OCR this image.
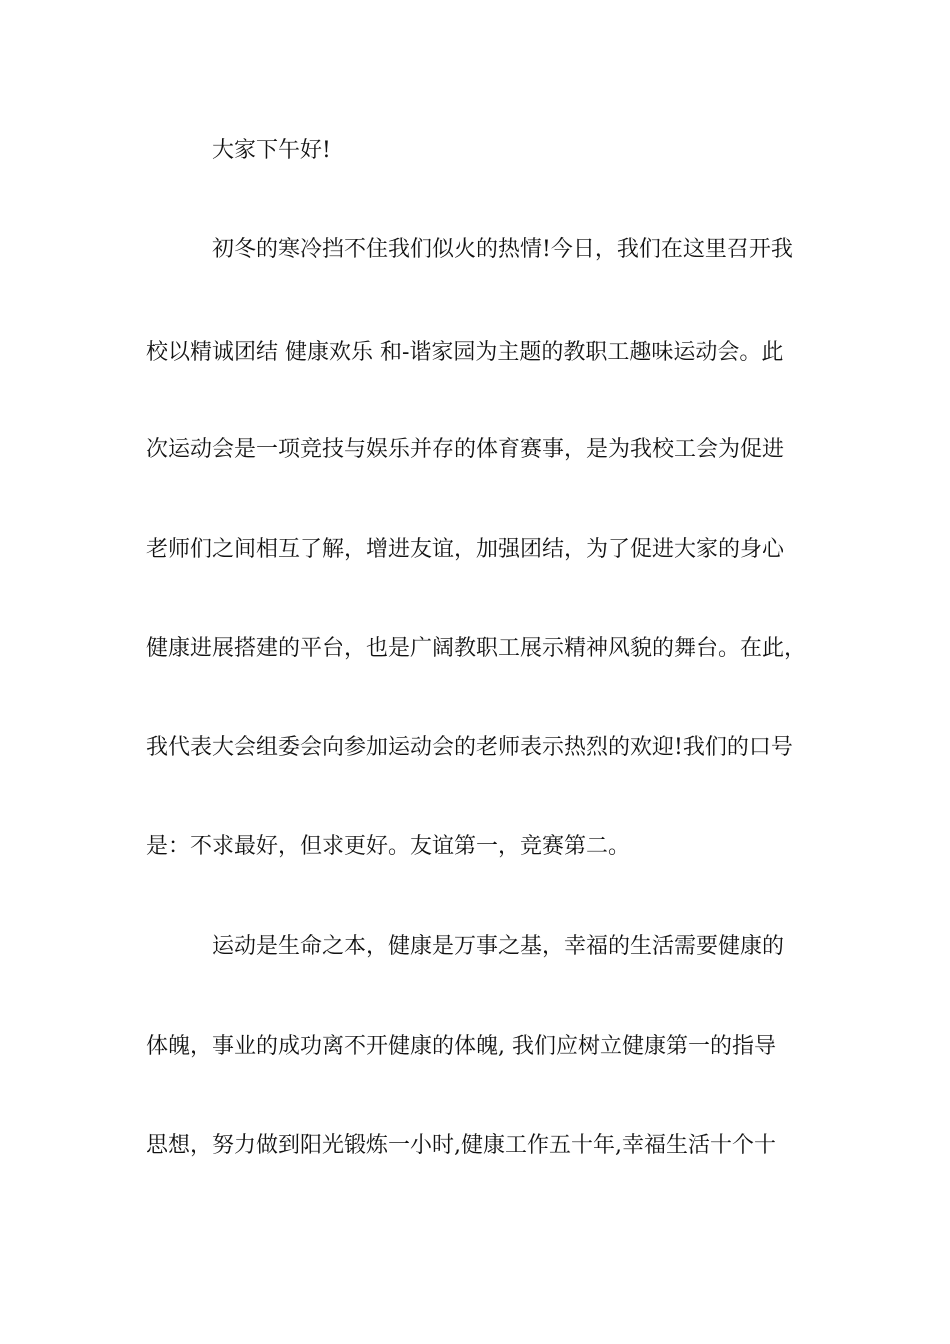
大家下午好!

初冬的寒冷挡不住我们似火的热情!今日，我们在这里召开我

校以精诚团结 健康欢乐 和-谐家园为主题的教职工趣味运动会。此

次运动会是一项竞技与娱乐并存的体育赛事，是为我校工会为促进

老师们之间相互了解，增进友谊，加强团结，为了促进大家的身心

健康进展搭建的平台，也是广阔教职工展示精神风貌的舞台。在此，

我代表大会组委会向参加运动会的老师表示热烈的欢迎!我们的口号

是：不求最好，但求更好。友谊第一，竞赛第二。

运动是生命之本，健康是万事之基，幸福的生活需要健康的

体魄，事业的成功离不开健康的体魄, 我们应树立健康第一的指导

思想，努力做到阳光锻炼一小时,健康工作五十年,幸福生活十个十
